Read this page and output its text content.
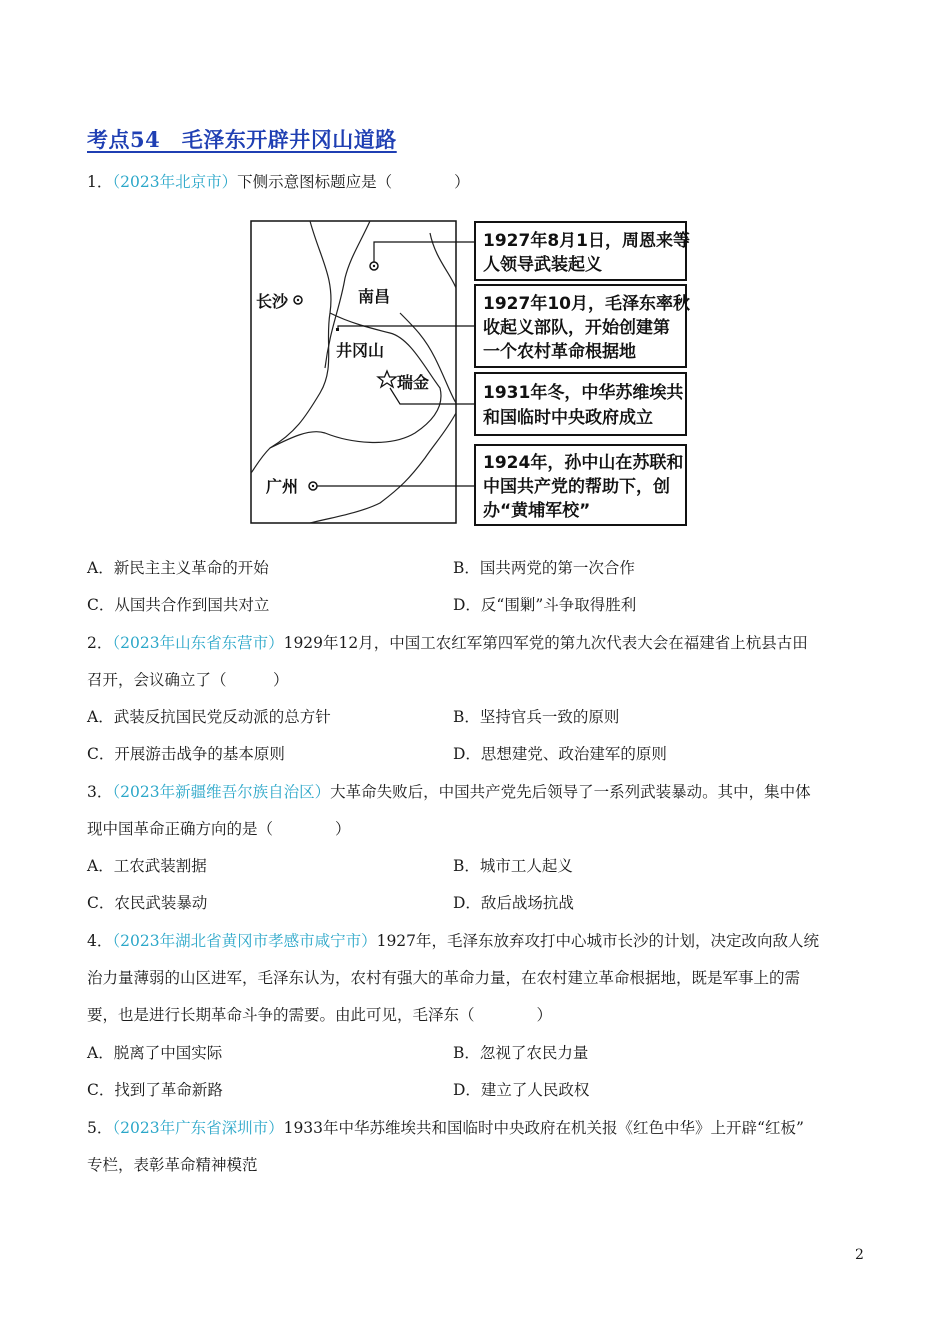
考点54　毛泽东开辟井冈山道路
1．（2023年北京市）下侧示意图标题应是（　　　　）
长沙	南昌
井冈山
瑞金
广州
1927年8月1日，周恩来等
人领导武装起义
1927年10月，毛泽东率秋
收起义部队，开始创建第
一个农村革命根据地
1931年冬，中华苏维埃共
和国临时中央政府成立
1924年，孙中山在苏联和
中国共产党的帮助下，创
办“黄埔军校”
A．新民主主义革命的开始	B．国共两党的第一次合作
C．从国共合作到国共对立	D．反“围剿”斗争取得胜利
2．（2023年山东省东营市）1929年12月，中国工农红军第四军党的第九次代表大会在福建省上杭县古田
召开，会议确立了（　　　）
A．武装反抗国民党反动派的总方针	B．坚持官兵一致的原则
C．开展游击战争的基本原则	D．思想建党、政治建军的原则
3．（2023年新疆维吾尔族自治区）大革命失败后，中国共产党先后领导了一系列武装暴动。其中，集中体
现中国革命正确方向的是（　　　　）
A．工农武装割据	B．城市工人起义
C．农民武装暴动	D．敌后战场抗战
4．（2023年湖北省黄冈市孝感市咸宁市）1927年，毛泽东放弃攻打中心城市长沙的计划，决定改向敌人统
治力量薄弱的山区进军，毛泽东认为，农村有强大的革命力量，在农村建立革命根据地，既是军事上的需
要，也是进行长期革命斗争的需要。由此可见，毛泽东（　　　　）
A．脱离了中国实际	B．忽视了农民力量
C．找到了革命新路	D．建立了人民政权
5．（2023年广东省深圳市）1933年中华苏维埃共和国临时中央政府在机关报《红色中华》上开辟“红板”
专栏，表彰革命精神模范
2
